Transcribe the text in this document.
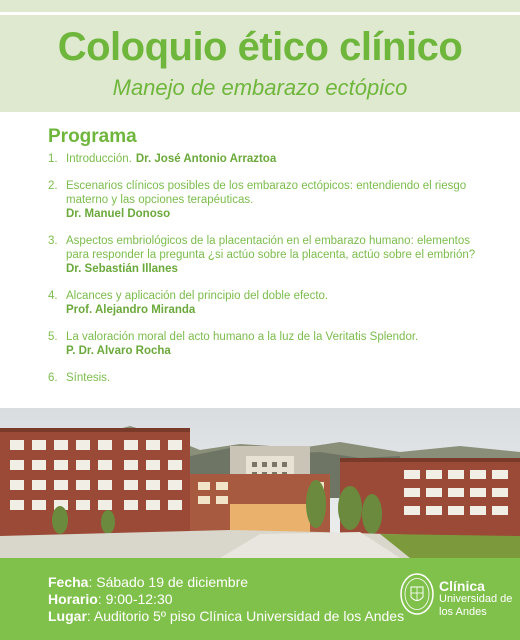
Coloquio ético clínico
Manejo de embarazo ectópico
Programa
1. Introducción. Dr. José Antonio Arraztoa
2. Escenarios clínicos posibles de los embarazo ectópicos: entendiendo el riesgo materno y las opciones terapéuticas.
Dr. Manuel Donoso
3. Aspectos embriológicos de la placentación en el embarazo humano: elementos para responder la pregunta ¿si actúo sobre la placenta, actúo sobre el embrión?
Dr. Sebastián Illanes
4. Alcances y aplicación del principio del doble efecto.
Prof. Alejandro Miranda
5. La valoración moral del acto humano a la luz de la Veritatis Splendor.
P. Dr. Alvaro Rocha
6. Síntesis.
Fecha: Sábado 19 de diciembre
Horario: 9:00-12:30
Lugar: Auditorio 5º piso Clínica Universidad de los Andes
Clínica
Universidad de los Andes
